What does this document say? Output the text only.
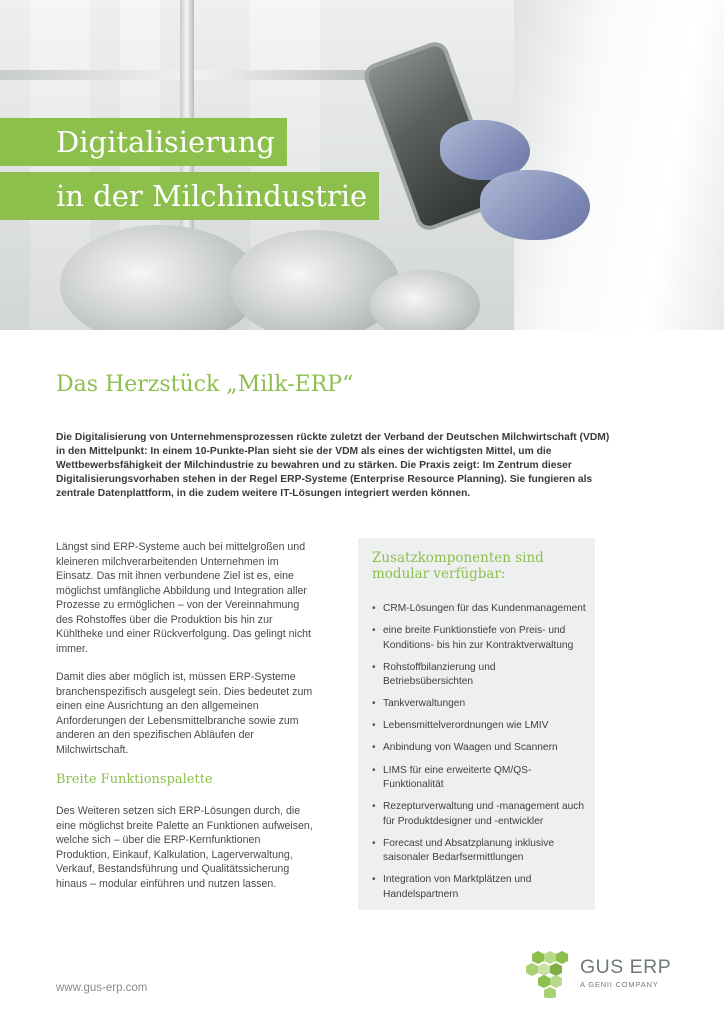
Digitalisierung
in der Milchindustrie
Das Herzstück „Milk-ERP“
Die Digitalisierung von Unternehmensprozessen rückte zuletzt der Verband der Deutschen Milchwirtschaft (VDM) in den Mittelpunkt: In einem 10-Punkte-Plan sieht sie der VDM als eines der wichtigsten Mittel, um die Wettbewerbsfähigkeit der Milchindustrie zu bewahren und zu stärken. Die Praxis zeigt: Im Zentrum dieser Digitalisierungsvorhaben stehen in der Regel ERP-Systeme (Enterprise Resource Planning). Sie fungieren als zentrale Datenplattform, in die zudem weitere IT-Lösungen integriert werden können.

Längst sind ERP-Systeme auch bei mittelgroßen und kleineren milchverarbeitenden Unternehmen im Einsatz. Das mit ihnen verbundene Ziel ist es, eine möglichst umfängliche Abbildung und Integration aller Prozesse zu ermöglichen – von der Vereinnahmung des Rohstoffes über die Produktion bis hin zur Kühltheke und einer Rückverfolgung. Das gelingt nicht immer.

Damit dies aber möglich ist, müssen ERP-Systeme branchenspezifisch ausgelegt sein. Dies bedeutet zum einen eine Ausrichtung an den allgemeinen Anforderungen der Lebensmittelbranche sowie zum anderen an den spezifischen Abläufen der Milchwirtschaft.

Breite Funktionspalette

Des Weiteren setzen sich ERP-Lösungen durch, die eine möglichst breite Palette an Funktionen aufweisen, welche sich – über die ERP-Kernfunktionen Produktion, Einkauf, Kalkulation, Lagerverwaltung, Verkauf, Bestandsführung und Qualitätssicherung hinaus – modular einführen und nutzen lassen.

Zusatzkomponenten sind modular verfügbar:
• CRM-Lösungen für das Kundenmanagement
• eine breite Funktionstiefe von Preis- und Konditions- bis hin zur Kontraktverwaltung
• Rohstoffbilanzierung und Betriebsübersichten
• Tankverwaltungen
• Lebensmittelverordnungen wie LMIV
• Anbindung von Waagen und Scannern
• LIMS für eine erweiterte QM/QS-Funktionalität
• Rezepturverwaltung und -management auch für Produktdesigner und -entwickler
• Forecast und Absatzplanung inklusive saisonaler Bedarfsermittlungen
• Integration von Marktplätzen und Handelspartnern
www.gus-erp.com
GUS ERP
A GENII COMPANY
